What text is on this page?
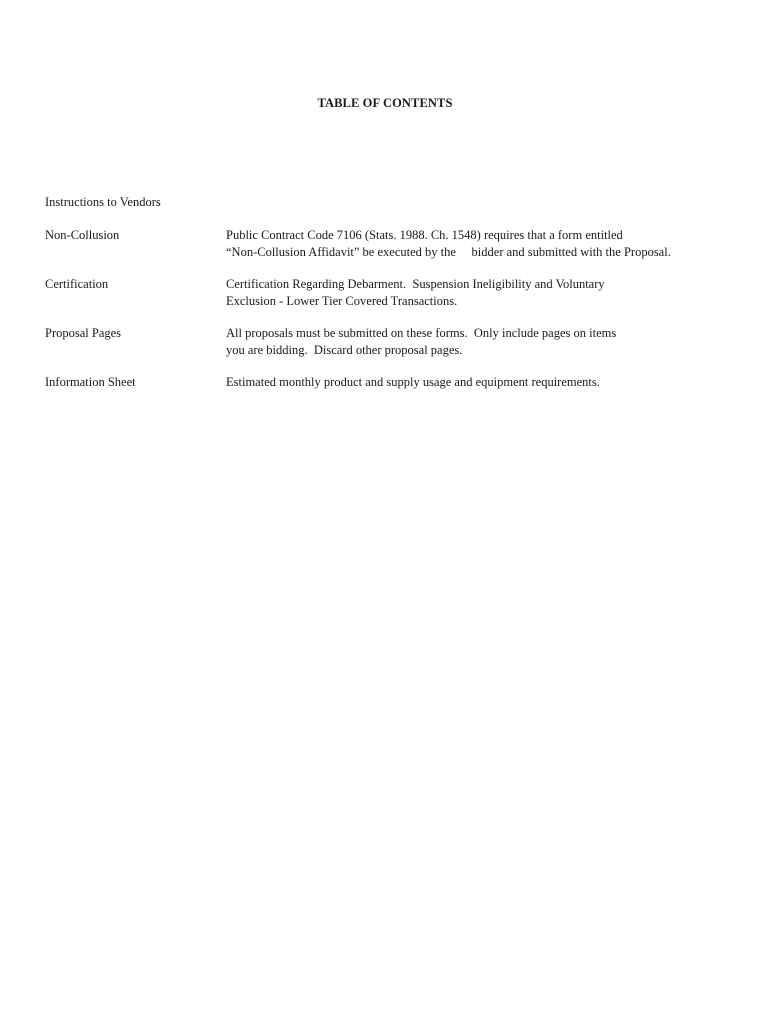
TABLE OF CONTENTS
Instructions to Vendors
Non-Collusion	Public Contract Code 7106 (Stats. 1988. Ch. 1548) requires that a form entitled
“Non-Collusion Affidavit” be executed by the     bidder and submitted with the Proposal.
Certification	Certification Regarding Debarment.  Suspension Ineligibility and Voluntary
Exclusion - Lower Tier Covered Transactions.
Proposal Pages	All proposals must be submitted on these forms.  Only include pages on items
you are bidding.  Discard other proposal pages.
Information Sheet	Estimated monthly product and supply usage and equipment requirements.
